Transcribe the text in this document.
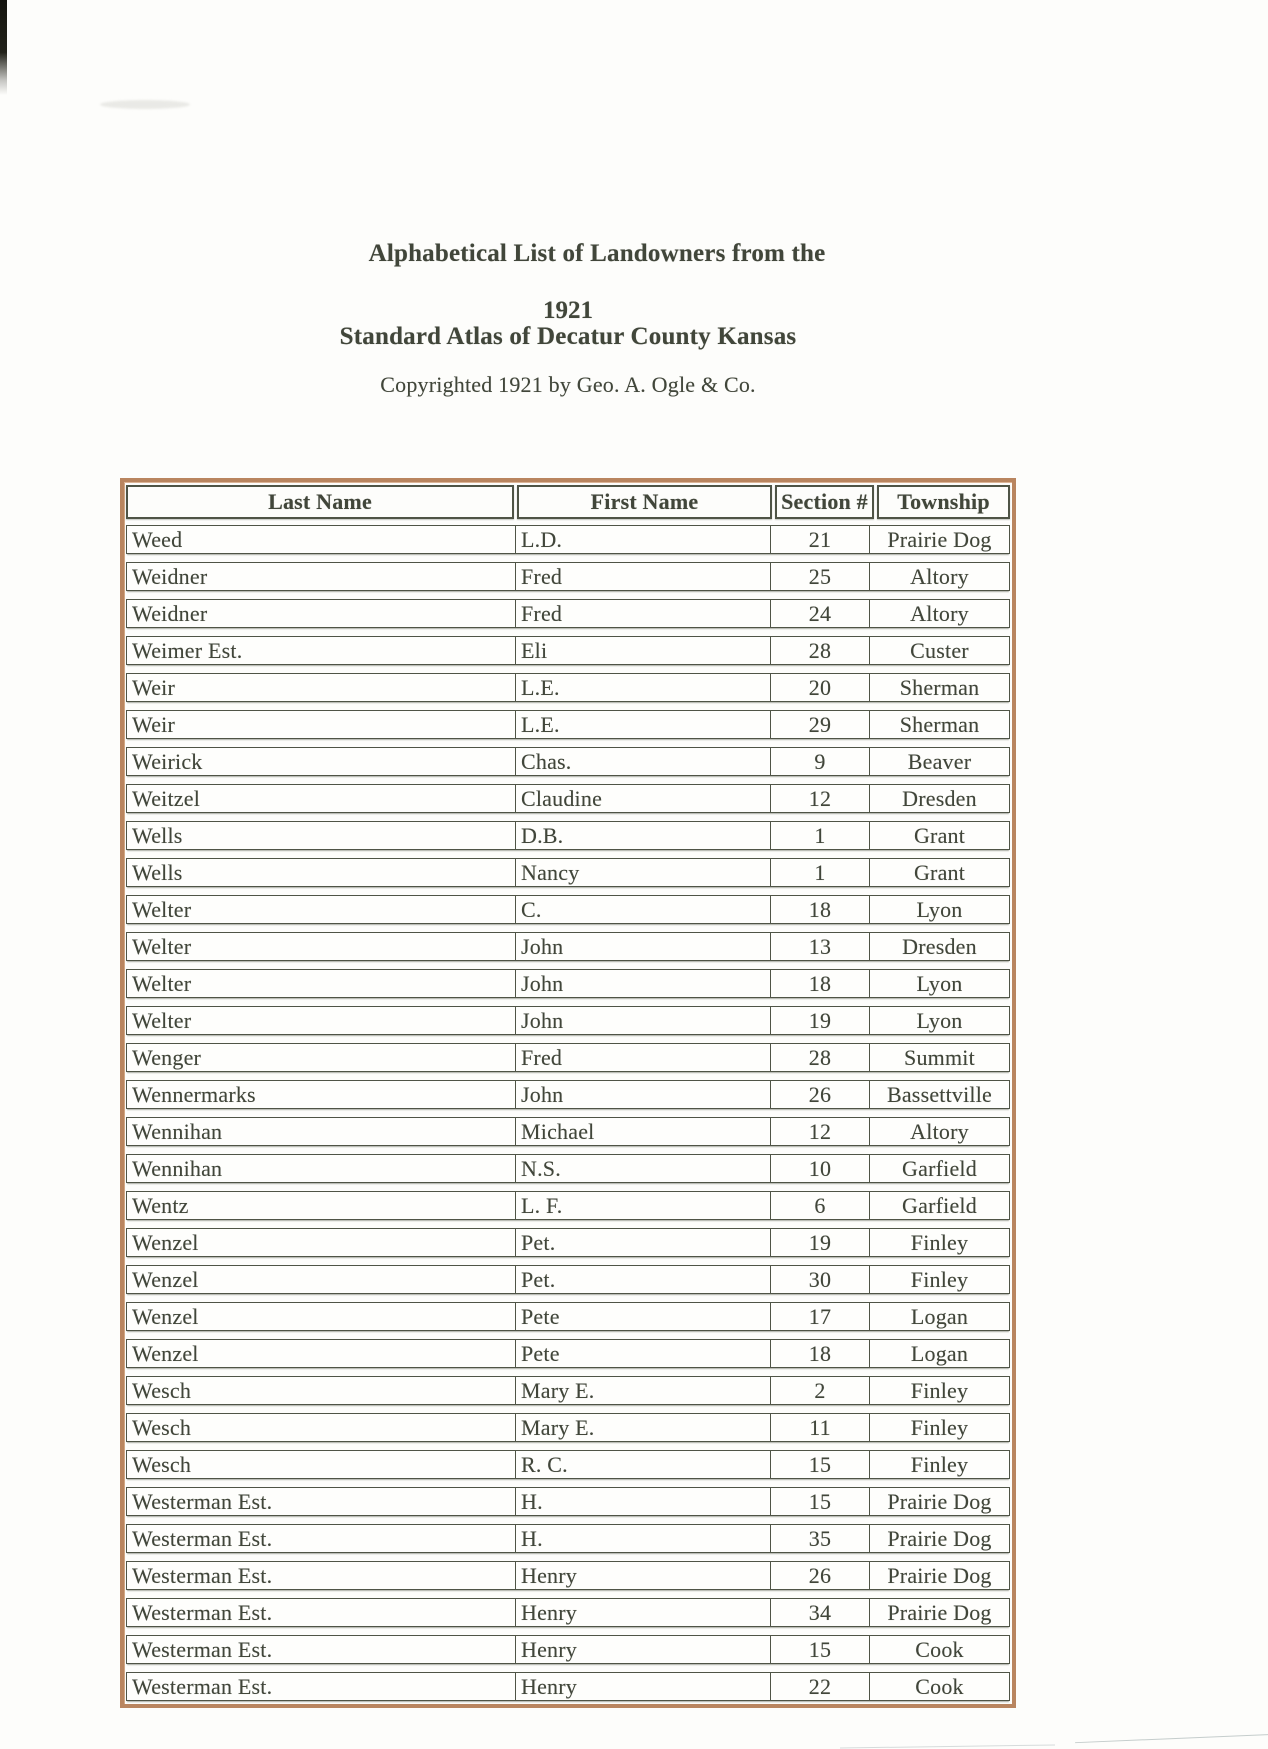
Alphabetical List of Landowners from the
1921
Standard Atlas of Decatur County Kansas
Copyrighted 1921 by Geo. A. Ogle & Co.
Last Name	First Name	Section #	Township
Weed	L.D.	21	Prairie Dog
Weidner	Fred	25	Altory
Weidner	Fred	24	Altory
Weimer Est.	Eli	28	Custer
Weir	L.E.	20	Sherman
Weir	L.E.	29	Sherman
Weirick	Chas.	9	Beaver
Weitzel	Claudine	12	Dresden
Wells	D.B.	1	Grant
Wells	Nancy	1	Grant
Welter	C.	18	Lyon
Welter	John	13	Dresden
Welter	John	18	Lyon
Welter	John	19	Lyon
Wenger	Fred	28	Summit
Wennermarks	John	26	Bassettville
Wennihan	Michael	12	Altory
Wennihan	N.S.	10	Garfield
Wentz	L. F.	6	Garfield
Wenzel	Pet.	19	Finley
Wenzel	Pet.	30	Finley
Wenzel	Pete	17	Logan
Wenzel	Pete	18	Logan
Wesch	Mary E.	2	Finley
Wesch	Mary E.	11	Finley
Wesch	R. C.	15	Finley
Westerman Est.	H.	15	Prairie Dog
Westerman Est.	H.	35	Prairie Dog
Westerman Est.	Henry	26	Prairie Dog
Westerman Est.	Henry	34	Prairie Dog
Westerman Est.	Henry	15	Cook
Westerman Est.	Henry	22	Cook
